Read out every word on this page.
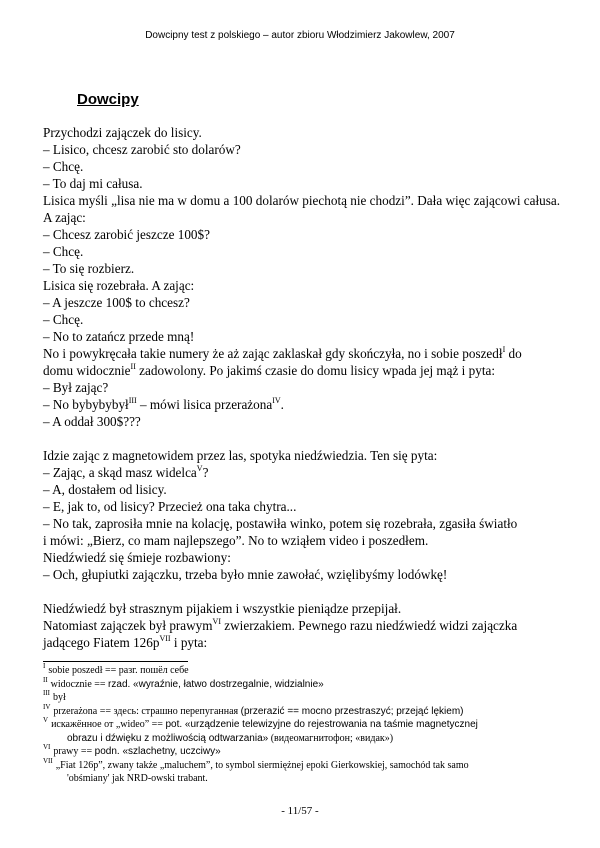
Dowcipny test z polskiego – autor zbioru Włodzimierz Jakowlew, 2007
Dowcipy
Przychodzi zajączek do lisicy.
– Lisico, chcesz zarobić sto dolarów?
– Chcę.
– To daj mi całusa.
Lisica myśli „lisa nie ma w domu a 100 dolarów piechotą nie chodzi”. Dała więc zającowi całusa.
A zając:
– Chcesz zarobić jeszcze 100$?
– Chcę.
– To się rozbierz.
Lisica się rozebrała. A zając:
– A jeszcze 100$ to chcesz?
– Chcę.
– No to zatańcz przede mną!
No i powykręcała takie numery że aż zając zaklaskał gdy skończyła, no i sobie poszedł$^I$ do
domu widocznie$^{II}$ zadowolony. Po jakimś czasie do domu lisicy wpada jej mąż i pyta:
– Był zając?
– No bybybybył$^{III}$ – mówi lisica przerażona$^{IV}$.
– A oddał 300$???
Idzie zając z magnetowidem przez las, spotyka niedźwiedzia. Ten się pyta:
– Zając, a skąd masz widelca$^V$?
– A, dostałem od lisicy.
– E, jak to, od lisicy? Przecież ona taka chytra...
– No tak, zaprosiła mnie na kolację, postawiła winko, potem się rozebrała, zgasiła światło
i mówi: „Bierz, co mam najlepszego”. No to wziąłem video i poszedłem.
Niedźwiedź się śmieje rozbawiony:
– Och, głupiutki zajączku, trzeba było mnie zawołać, wzięlibyśmy lodówkę!
Niedźwiedź był strasznym pijakiem i wszystkie pieniądze przepijał.
Natomiast zajączek był prawym$^{VI}$ zwierzakiem. Pewnego razu niedźwiedź widzi zajączka
jadącego Fiatem $126p^{VII}$ i pyta:
$^I$ sobie poszedł == разг. пошёл себе
$^{II}$ widocznie == rzad. «wyraźnie, łatwo dostrzegalnie, widzialnie»
$^{III}$ był
$^{IV}$ przerażona == здесь: страшно перепуганная (przerazić == mocno przestraszyć; przejąć lękiem)
$^V$ искажённое от „wideo” == pot. «urządzenie telewizyjne do rejestrowania na taśmie magnetycznej
obrazu i dźwięku z możliwością odtwarzania» (видеомагнитофон; «видак»)
$^{VI}$ prawy == podn. «szlachetny, uczciwy»
$^{VII}$ „Fiat 126p”, zwany także „maluchem”, to symbol siermiężnej epoki Gierkowskiej, samochód tak samo
'obśmiany' jak NRD-owski trabant.
- 11/57 -
